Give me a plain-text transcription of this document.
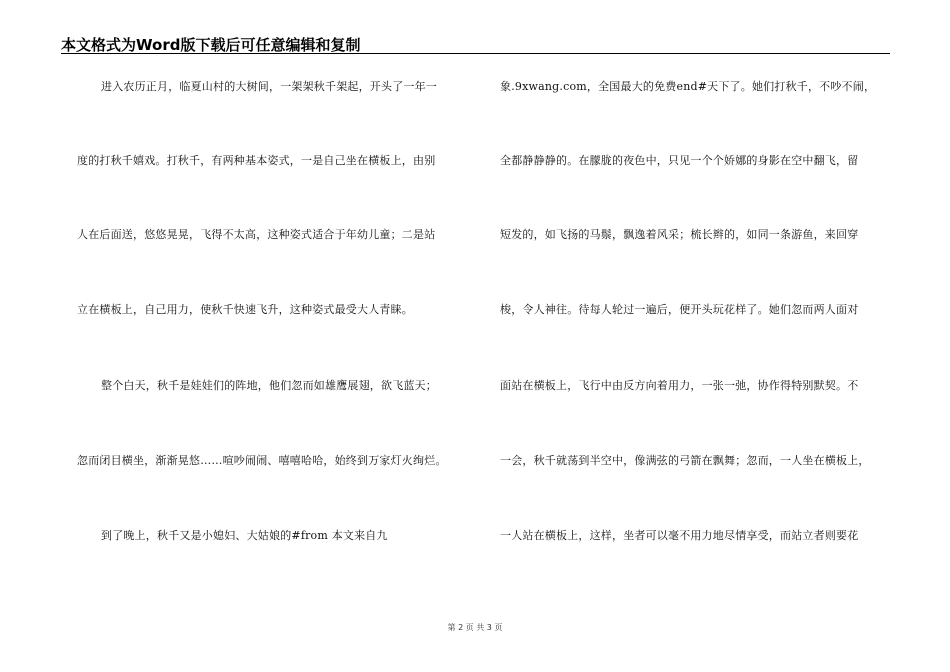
本文格式为Word版下载后可任意编辑和复制
进入农历正月，临夏山村的大树间，一架架秋千架起，开头了一年一
度的打秋千嬉戏。打秋千，有两种基本姿式，一是自己坐在横板上，由别
人在后面送，悠悠晃晃，飞得不太高，这种姿式适合于年幼儿童；二是站
立在横板上，自己用力，使秋千快速飞升，这种姿式最受大人青睐。
整个白天，秋千是娃娃们的阵地，他们忽而如雄鹰展翅，欲飞蓝天；
忽而闭目横坐，渐渐晃悠……喧吵闹闹、嘻嘻哈哈，始终到万家灯火绚烂。
到了晚上，秋千又是小媳妇、大姑娘的#from 本文来自九
象.9xwang.com，全国最大的免费end#天下了。她们打秋千，不吵不闹，
全都静静静的。在朦胧的夜色中，只见一个个娇娜的身影在空中翻飞，留
短发的，如飞扬的马鬃，飘逸着风采；梳长辫的，如同一条游鱼，来回穿
梭，令人神往。待每人轮过一遍后，便开头玩花样了。她们忽而两人面对
面站在横板上，飞行中由反方向着用力，一张一弛，协作得特别默契。不
一会，秋千就荡到半空中，像满弦的弓箭在飘舞；忽而，一人坐在横板上，
一人站在横板上，这样，坐者可以毫不用力地尽情享受，而站立者则要花
第 2 页 共 3 页
